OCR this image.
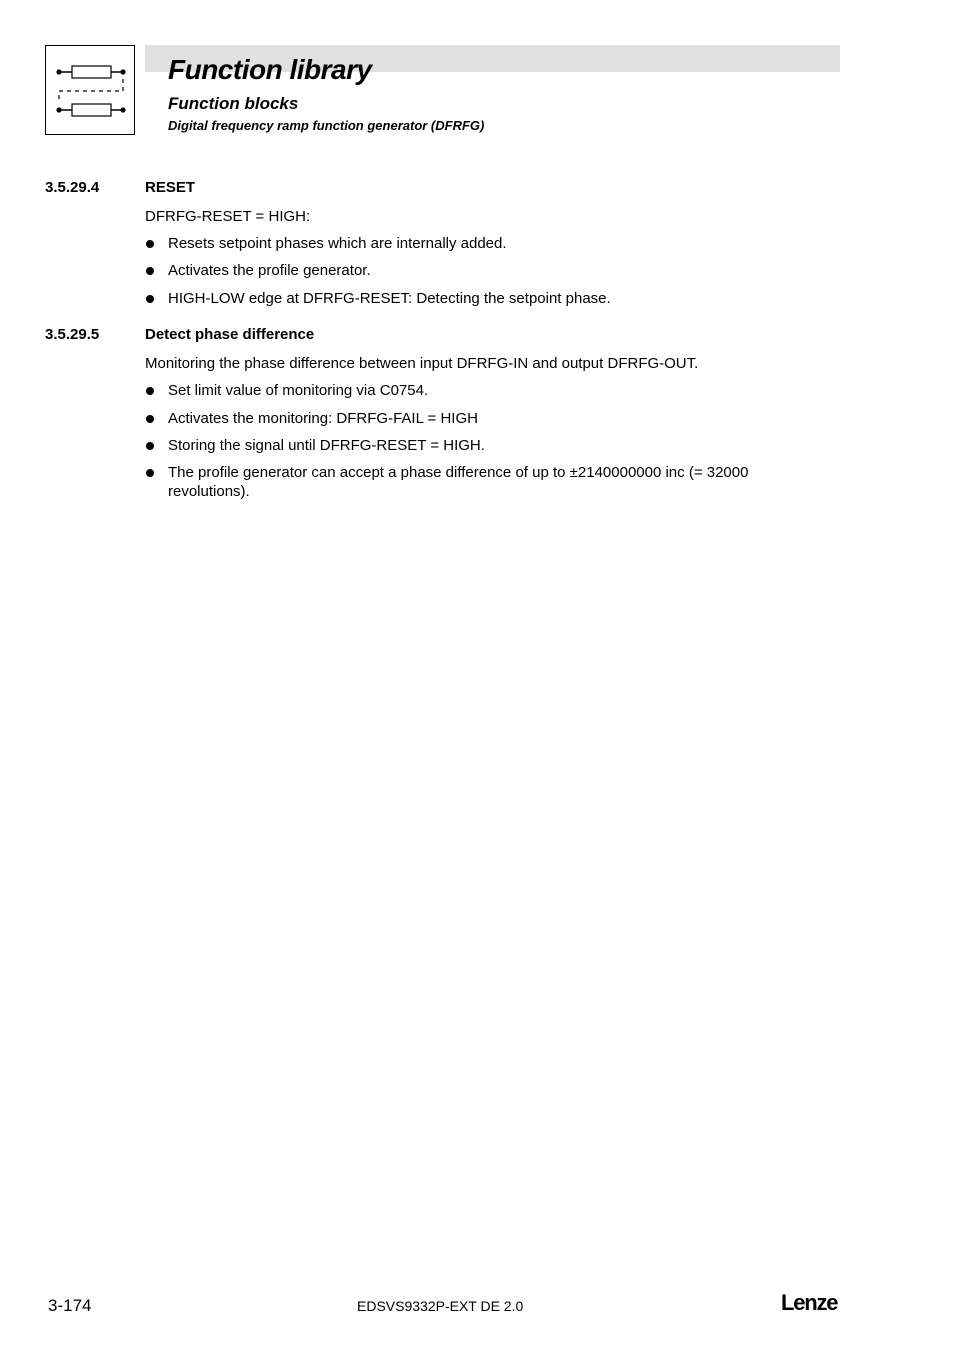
Function library
Function blocks
Digital frequency ramp function generator (DFRFG)

3.5.29.4	RESET

DFRFG-RESET = HIGH:

Resets setpoint phases which are internally added.
Activates the profile generator.
HIGH-LOW edge at DFRFG-RESET: Detecting the setpoint phase.

3.5.29.5	Detect phase difference

Monitoring the phase difference between input DFRFG-IN and output DFRFG-OUT.

Set limit value of monitoring via C0754.
Activates the monitoring: DFRFG-FAIL = HIGH
Storing the signal until DFRFG-RESET = HIGH.
The profile generator can accept a phase difference of up to ±2140000000 inc (= 32000 revolutions).
3-174	EDSVS9332P-EXT DE 2.0	Lenze
